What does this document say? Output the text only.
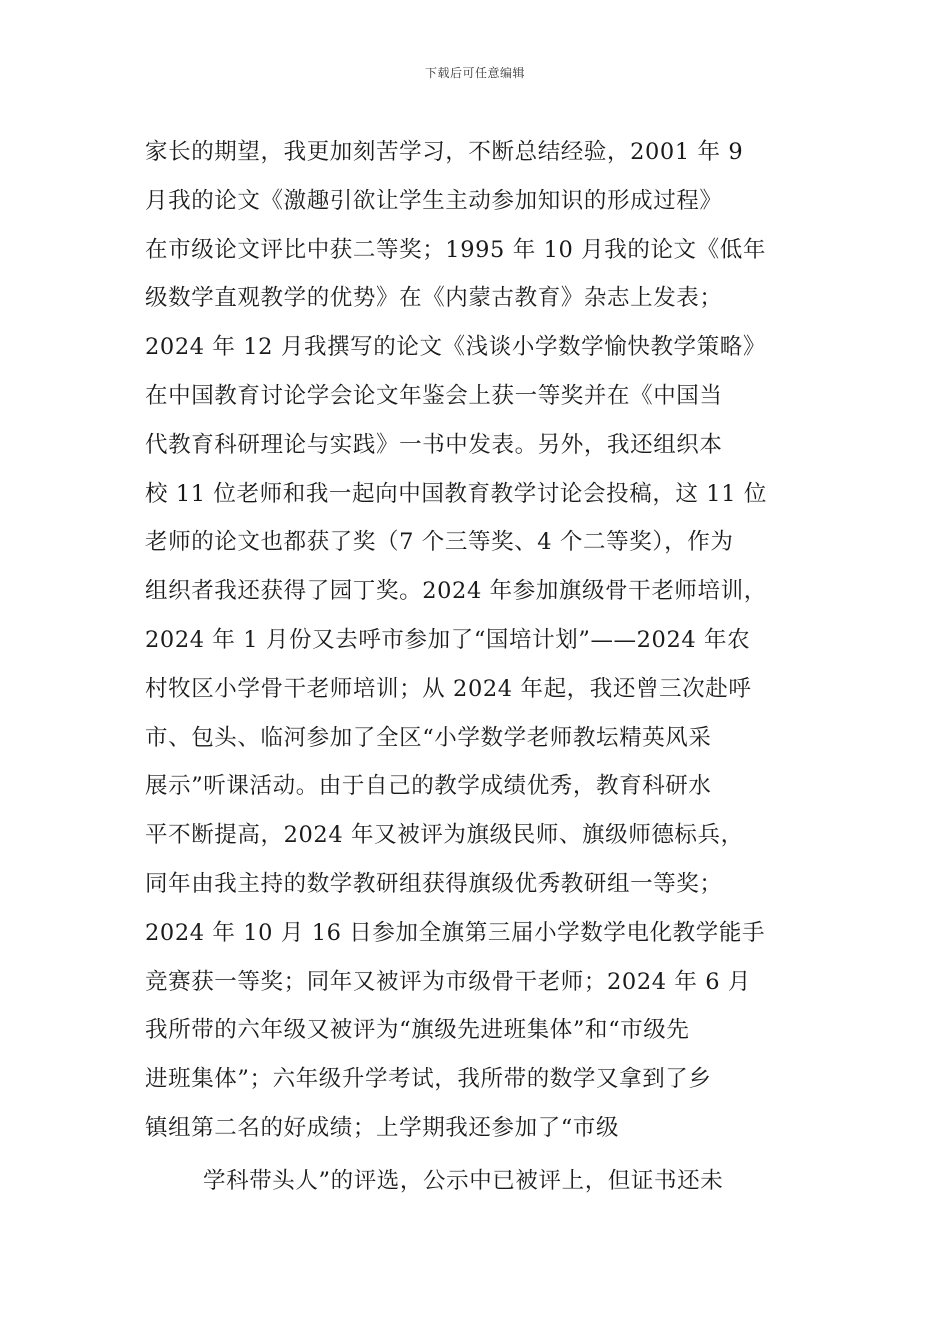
下载后可任意编辑
家长的期望，我更加刻苦学习，不断总结经验，2001 年 9
月我的论文《激趣引欲让学生主动参加知识的形成过程》
在市级论文评比中获二等奖；1995 年 10 月我的论文《低年
级数学直观教学的优势》在《内蒙古教育》杂志上发表；
2024 年 12 月我撰写的论文《浅谈小学数学愉快教学策略》
在中国教育讨论学会论文年鉴会上获一等奖并在《中国当
代教育科研理论与实践》一书中发表。另外，我还组织本
校 11 位老师和我一起向中国教育教学讨论会投稿，这 11 位
老师的论文也都获了奖（7 个三等奖、4 个二等奖），作为
组织者我还获得了园丁奖。2024 年参加旗级骨干老师培训，
2024 年 1 月份又去呼市参加了“国培计划”——2024 年农
村牧区小学骨干老师培训；从 2024 年起，我还曾三次赴呼
市、包头、临河参加了全区“小学数学老师教坛精英风采
展示”听课活动。由于自己的教学成绩优秀，教育科研水
平不断提高，2024 年又被评为旗级民师、旗级师德标兵，
同年由我主持的数学教研组获得旗级优秀教研组一等奖；
2024 年 10 月 16 日参加全旗第三届小学数学电化教学能手
竞赛获一等奖；同年又被评为市级骨干老师；2024 年 6 月
我所带的六年级又被评为“旗级先进班集体”和“市级先
进班集体”；六年级升学考试，我所带的数学又拿到了乡
镇组第二名的好成绩；上学期我还参加了“市级
学科带头人”的评选，公示中已被评上，但证书还未
